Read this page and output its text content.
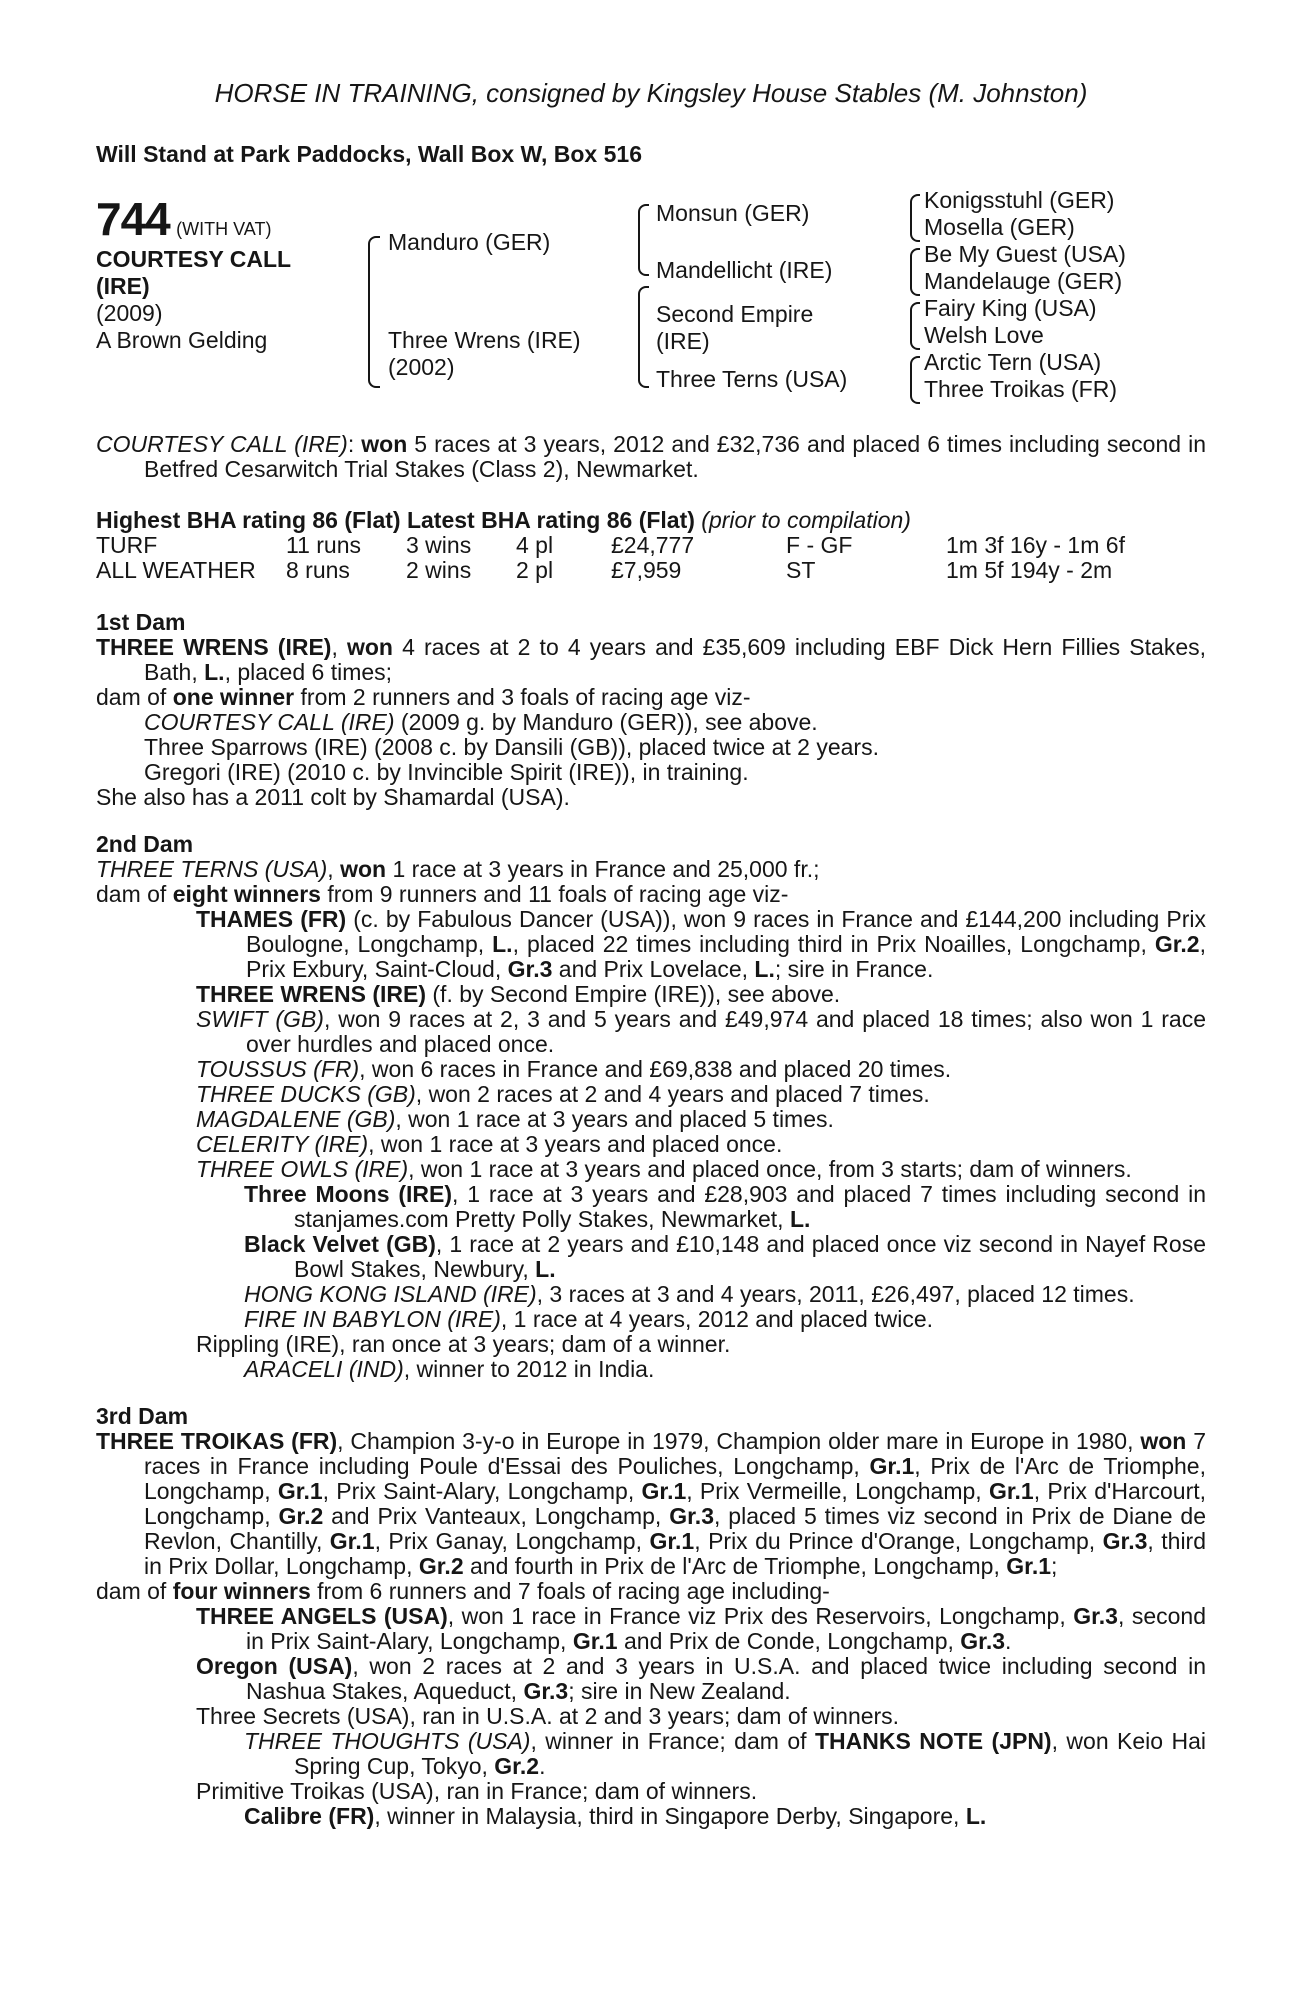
HORSE IN TRAINING, consigned by Kingsley House Stables (M. Johnston)
Will Stand at Park Paddocks, Wall Box W, Box 516
744 (WITH VAT)
COURTESY CALL
(IRE)
(2009)
A Brown Gelding
Manduro (GER)
Three Wrens (IRE)
(2002)
Monsun (GER)
Mandellicht (IRE)
Second Empire
(IRE)
Three Terns (USA)
Konigsstuhl (GER)
Mosella (GER)
Be My Guest (USA)
Mandelauge (GER)
Fairy King (USA)
Welsh Love
Arctic Tern (USA)
Three Troikas (FR)

COURTESY CALL (IRE): won 5 races at 3 years, 2012 and £32,736 and placed 6 times including second in Betfred Cesarwitch Trial Stakes (Class 2), Newmarket.

Highest BHA rating 86 (Flat) Latest BHA rating 86 (Flat) (prior to compilation)
TURF	11 runs	3 wins	4 pl	£24,777	F - GF	1m 3f 16y - 1m 6f
ALL WEATHER	8 runs	2 wins	2 pl	£7,959	ST	1m 5f 194y - 2m
1st Dam

THREE WRENS (IRE), won 4 races at 2 to 4 years and £35,609 including EBF Dick Hern Fillies Stakes, Bath, L., placed 6 times;

dam of one winner from 2 runners and 3 foals of racing age viz-

COURTESY CALL (IRE) (2009 g. by Manduro (GER)), see above.

Three Sparrows (IRE) (2008 c. by Dansili (GB)), placed twice at 2 years.

Gregori (IRE) (2010 c. by Invincible Spirit (IRE)), in training.

She also has a 2011 colt by Shamardal (USA).

2nd Dam

THREE TERNS (USA), won 1 race at 3 years in France and 25,000 fr.;

dam of eight winners from 9 runners and 11 foals of racing age viz-

THAMES (FR) (c. by Fabulous Dancer (USA)), won 9 races in France and £144,200 including Prix Boulogne, Longchamp, L., placed 22 times including third in Prix Noailles, Longchamp, Gr.2, Prix Exbury, Saint-Cloud, Gr.3 and Prix Lovelace, L.; sire in France.

THREE WRENS (IRE) (f. by Second Empire (IRE)), see above.

SWIFT (GB), won 9 races at 2, 3 and 5 years and £49,974 and placed 18 times; also won 1 race over hurdles and placed once.

TOUSSUS (FR), won 6 races in France and £69,838 and placed 20 times.

THREE DUCKS (GB), won 2 races at 2 and 4 years and placed 7 times.

MAGDALENE (GB), won 1 race at 3 years and placed 5 times.

CELERITY (IRE), won 1 race at 3 years and placed once.

THREE OWLS (IRE), won 1 race at 3 years and placed once, from 3 starts; dam of winners.

Three Moons (IRE), 1 race at 3 years and £28,903 and placed 7 times including second in stanjames.com Pretty Polly Stakes, Newmarket, L.

Black Velvet (GB), 1 race at 2 years and £10,148 and placed once viz second in Nayef Rose Bowl Stakes, Newbury, L.

HONG KONG ISLAND (IRE), 3 races at 3 and 4 years, 2011, £26,497, placed 12 times.

FIRE IN BABYLON (IRE), 1 race at 4 years, 2012 and placed twice.

Rippling (IRE), ran once at 3 years; dam of a winner.

ARACELI (IND), winner to 2012 in India.

3rd Dam

THREE TROIKAS (FR), Champion 3-y-o in Europe in 1979, Champion older mare in Europe in 1980, won 7 races in France including Poule d'Essai des Pouliches, Longchamp, Gr.1, Prix de l'Arc de Triomphe, Longchamp, Gr.1, Prix Saint-Alary, Longchamp, Gr.1, Prix Vermeille, Longchamp, Gr.1, Prix d'Harcourt, Longchamp, Gr.2 and Prix Vanteaux, Longchamp, Gr.3, placed 5 times viz second in Prix de Diane de Revlon, Chantilly, Gr.1, Prix Ganay, Longchamp, Gr.1, Prix du Prince d'Orange, Longchamp, Gr.3, third in Prix Dollar, Longchamp, Gr.2 and fourth in Prix de l'Arc de Triomphe, Longchamp, Gr.1;

dam of four winners from 6 runners and 7 foals of racing age including-

THREE ANGELS (USA), won 1 race in France viz Prix des Reservoirs, Longchamp, Gr.3, second in Prix Saint-Alary, Longchamp, Gr.1 and Prix de Conde, Longchamp, Gr.3.

Oregon (USA), won 2 races at 2 and 3 years in U.S.A. and placed twice including second in Nashua Stakes, Aqueduct, Gr.3; sire in New Zealand.

Three Secrets (USA), ran in U.S.A. at 2 and 3 years; dam of winners.

THREE THOUGHTS (USA), winner in France; dam of THANKS NOTE (JPN), won Keio Hai Spring Cup, Tokyo, Gr.2.

Primitive Troikas (USA), ran in France; dam of winners.

Calibre (FR), winner in Malaysia, third in Singapore Derby, Singapore, L.
